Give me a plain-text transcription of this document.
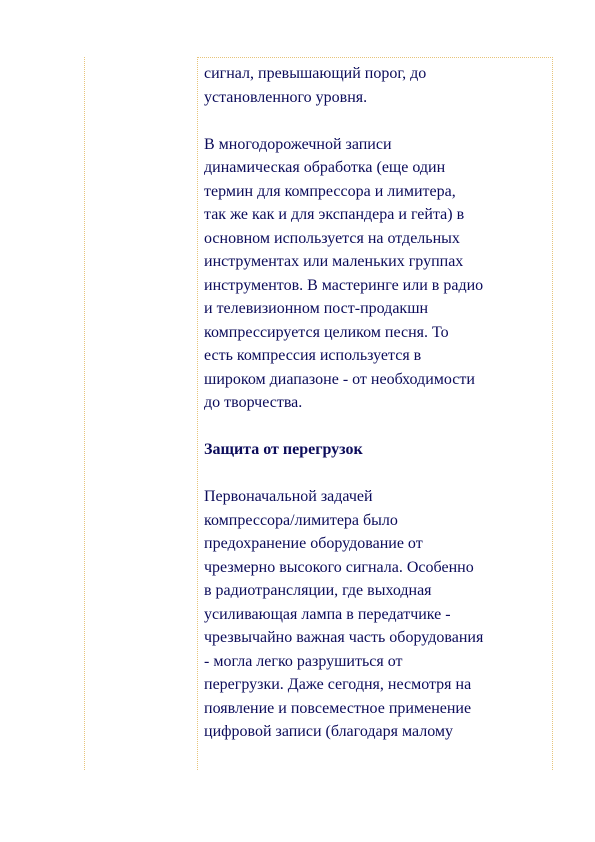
сигнал, превышающий порог, до
установленного уровня.

В многодорожечной записи
динамическая обработка (еще один
термин для компрессора и лимитера,
так же как и для экспандера и гейта) в
основном используется на отдельных
инструментах или маленьких группах
инструментов. В мастеринге или в радио
и телевизионном пост-продакшн
компрессируется целиком песня. То
есть компрессия используется в
широком диапазоне - от необходимости
до творчества.

Защита от перегрузок

Первоначальной задачей
компрессора/лимитера было
предохранение оборудование от
чрезмерно высокого сигнала. Особенно
в радиотрансляции, где выходная
усиливающая лампа в передатчике -
чрезвычайно важная часть оборудования
- могла легко разрушиться от
перегрузки. Даже сегодня, несмотря на
появление и повсеместное применение
цифровой записи (благодаря малому
